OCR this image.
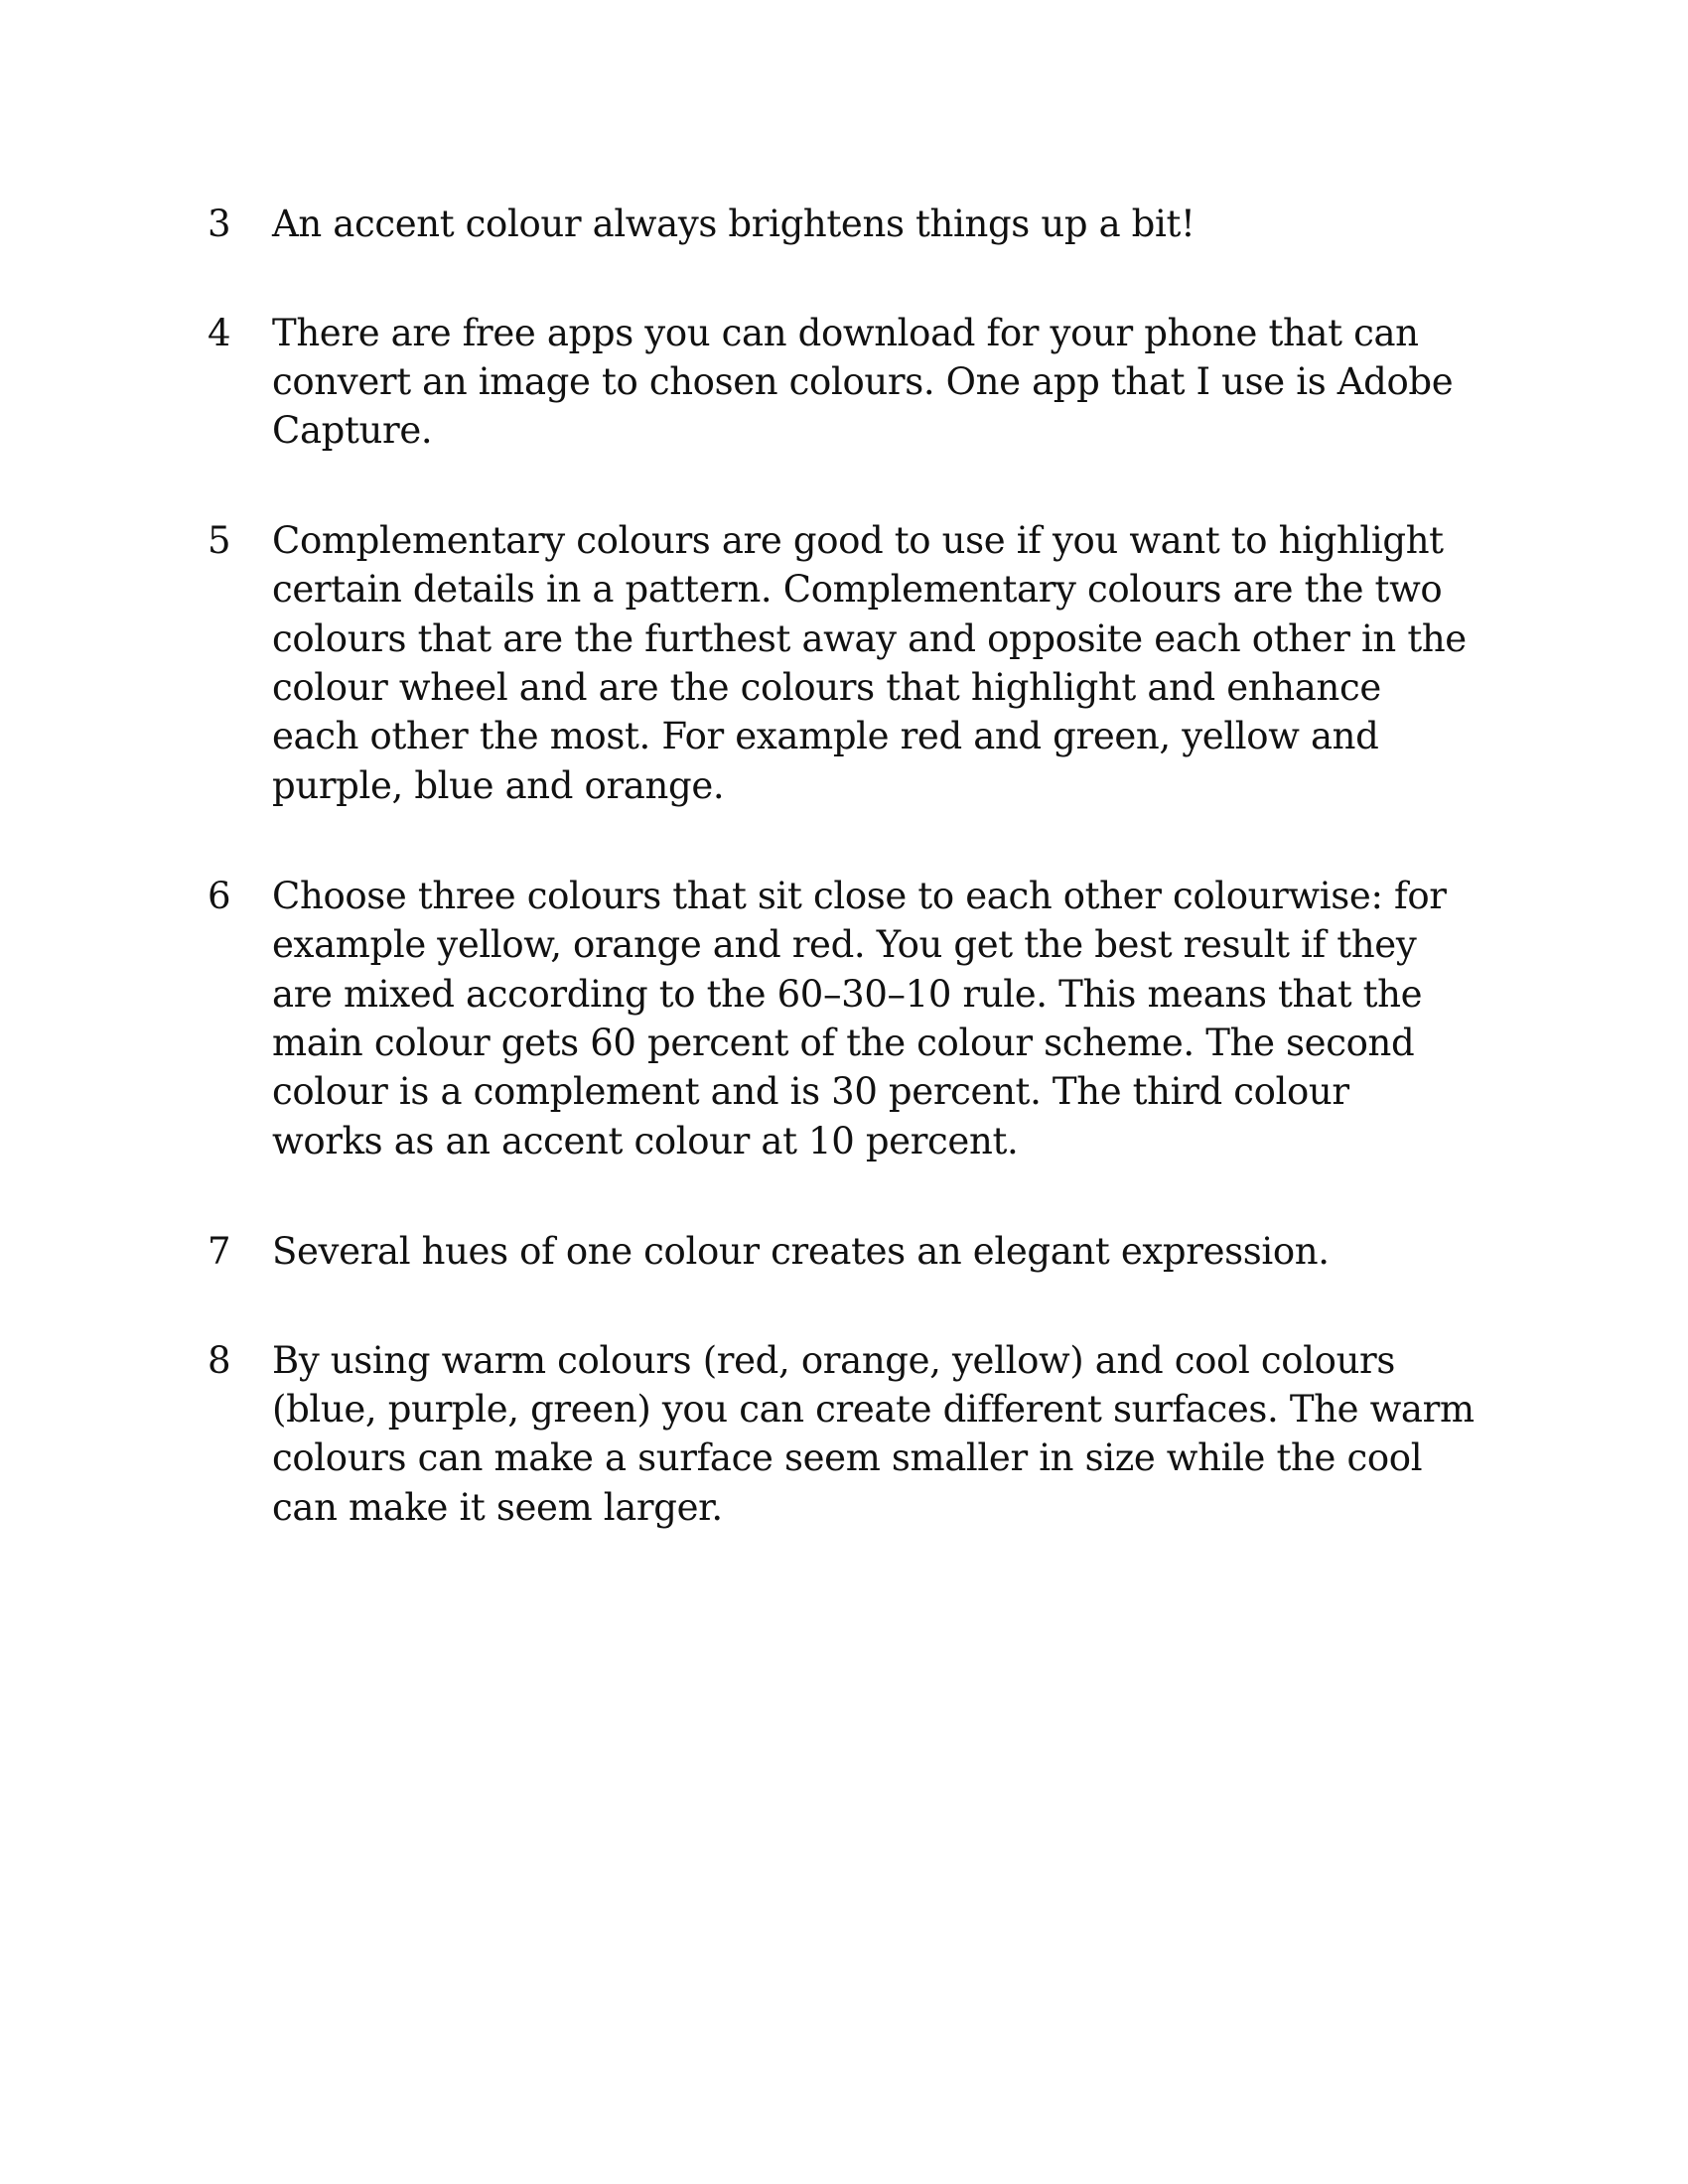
3	An accent colour always brightens things up a bit!
4	There are free apps you can download for your phone that can
convert an image to chosen colours. One app that I use is Adobe
Capture.
5	Complementary colours are good to use if you want to highlight
certain details in a pattern. Complementary colours are the two
colours that are the furthest away and opposite each other in the
colour wheel and are the colours that highlight and enhance
each other the most. For example red and green, yellow and
purple, blue and orange.
6	Choose three colours that sit close to each other colourwise: for
example yellow, orange and red. You get the best result if they
are mixed according to the 60–30–10 rule. This means that the
main colour gets 60 percent of the colour scheme. The second
colour is a complement and is 30 percent. The third colour
works as an accent colour at 10 percent.
7	Several hues of one colour creates an elegant expression.
8	By using warm colours (red, orange, yellow) and cool colours
(blue, purple, green) you can create different surfaces. The warm
colours can make a surface seem smaller in size while the cool
can make it seem larger.
